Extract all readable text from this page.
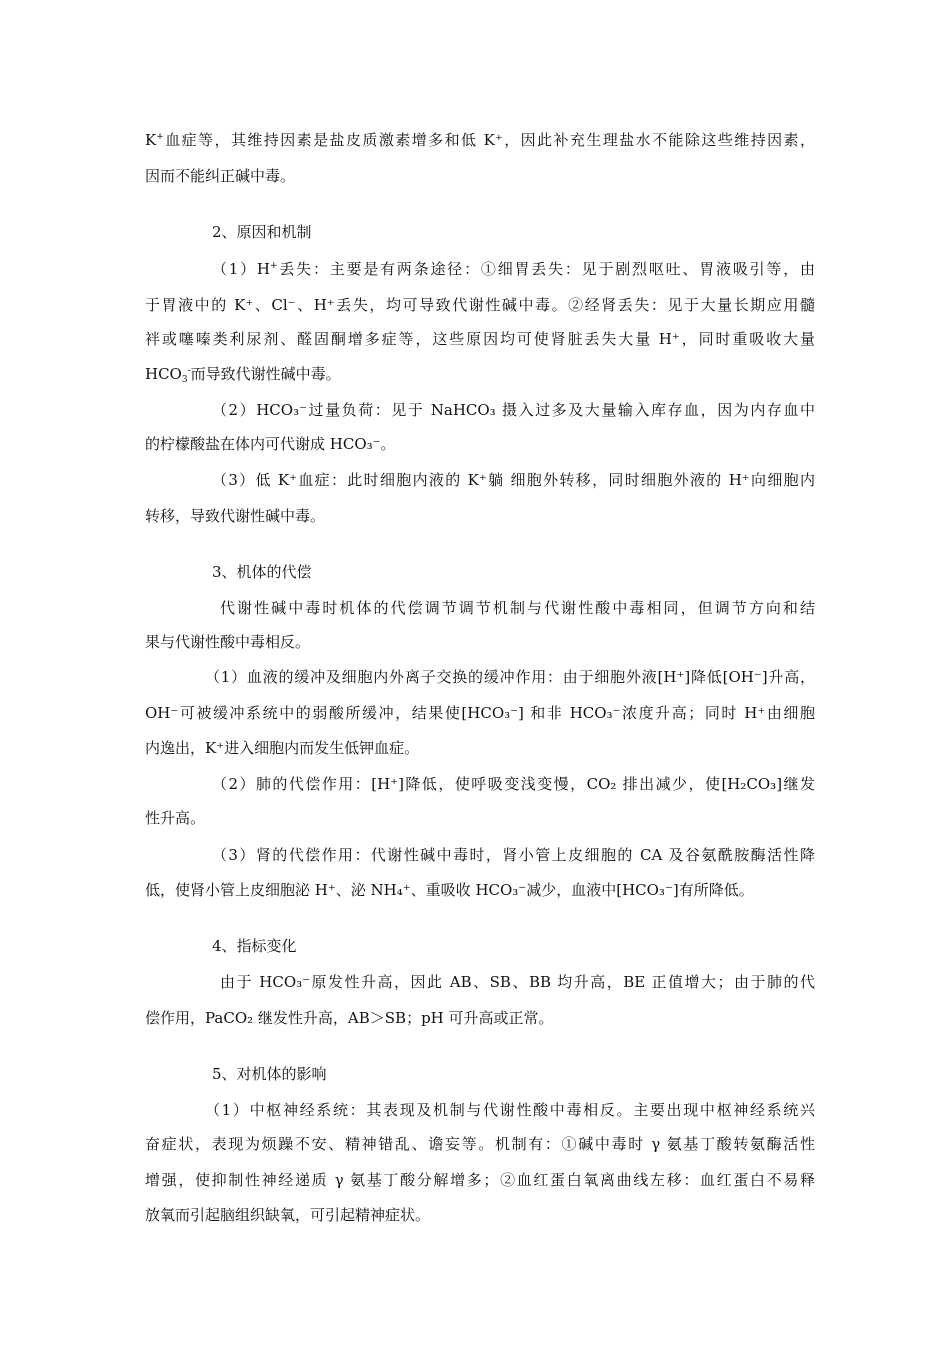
K+血症等，其维持因素是盐皮质激素增多和低 K⁺，因此补充生理盐水不能除这些维持因素，
因而不能纠正碱中毒。
2、原因和机制
（1）H+丢失：主要是有两条途径：①细胃丢失：见于剧烈呕吐、胃液吸引等，由
于胃液中的 K⁺、Cl⁻、H⁺丢失，均可导致代谢性碱中毒。②经肾丢失：见于大量长期应用髓
袢或噻嗪类利尿剂、醛固酮增多症等，这些原因均可使肾脏丢失大量 H⁺，同时重吸收大量
$HCO_3^-$而导致代谢性碱中毒。
（2）HCO₃⁻过量负荷：见于 NaHCO₃ 摄入过多及大量输入库存血，因为内存血中
的柠檬酸盐在体内可代谢成 HCO₃⁻。
（3）低 K⁺血症：此时细胞内液的 K⁺躺 细胞外转移，同时细胞外液的 H⁺向细胞内
转移，导致代谢性碱中毒。
3、机体的代偿
代谢性碱中毒时机体的代偿调节调节机制与代谢性酸中毒相同，但调节方向和结
果与代谢性酸中毒相反。
（1）血液的缓冲及细胞内外离子交换的缓冲作用：由于细胞外液[H⁺]降低[OH⁻]升高，
OH⁻可被缓冲系统中的弱酸所缓冲，结果使[HCO₃⁻] 和非 HCO₃⁻浓度升高；同时 H⁺由细胞
内逸出，K⁺进入细胞内而发生低钾血症。
（2）肺的代偿作用：[H⁺]降低，使呼吸变浅变慢，CO₂ 排出减少，使[H₂CO₃]继发
性升高。
（3）肾的代偿作用：代谢性碱中毒时，肾小管上皮细胞的 CA 及谷氨酰胺酶活性降
低，使肾小管上皮细胞泌 H⁺、泌 NH₄⁺、重吸收 HCO₃⁻减少，血液中[HCO₃⁻]有所降低。
4、指标变化
由于 HCO₃⁻原发性升高，因此 AB、SB、BB 均升高，BE 正值增大；由于肺的代
偿作用，PaCO₂ 继发性升高，AB＞SB；pH 可升高或正常。
5、对机体的影响
（1）中枢神经系统：其表现及机制与代谢性酸中毒相反。主要出现中枢神经系统兴
奋症状，表现为烦躁不安、精神错乱、谵妄等。机制有：①碱中毒时 γ 氨基丁酸转氨酶活性
增强，使抑制性神经递质 γ 氨基丁酸分解增多；②血红蛋白氧离曲线左移：血红蛋白不易释
放氧而引起脑组织缺氧，可引起精神症状。
